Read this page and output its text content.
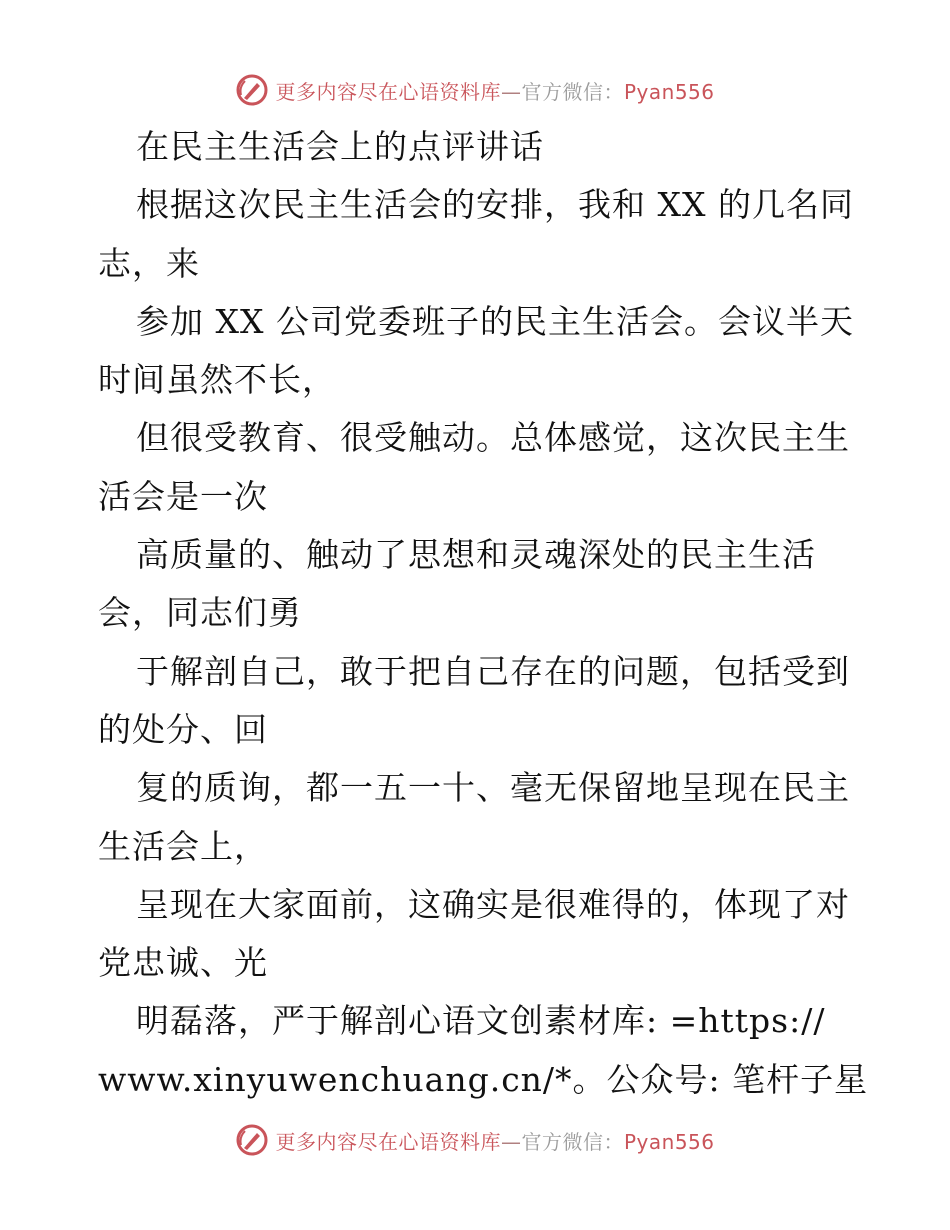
更多内容尽在心语资料库—官方微信：Pyan556
在民主生活会上的点评讲话
根据这次民主生活会的安排，我和 XX 的几名同
志，来
参加 XX 公司党委班子的民主生活会。会议半天
时间虽然不长，
但很受教育、很受触动。总体感觉，这次民主生
活会是一次
高质量的、触动了思想和灵魂深处的民主生活
会，同志们勇
于解剖自己，敢于把自己存在的问题，包括受到
的处分、回
复的质询，都一五一十、毫无保留地呈现在民主
生活会上，
呈现在大家面前，这确实是很难得的，体现了对
党忠诚、光
明磊落，严于解剖心语文创素材库: =https://
www.xinyuwenchuang.cn/*。公众号: 笔杆子星
更多内容尽在心语资料库—官方微信：Pyan556
